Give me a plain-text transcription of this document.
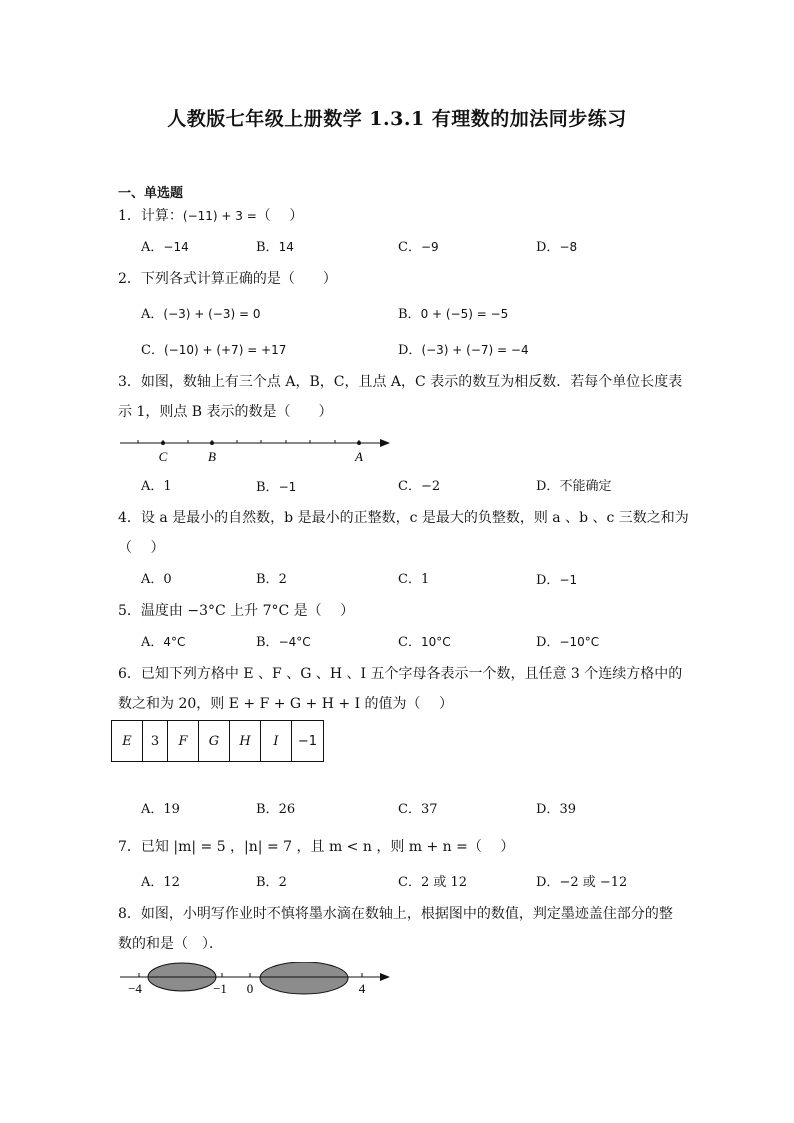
人教版七年级上册数学 1.3.1 有理数的加法同步练习
一、单选题
1．计算：(−11) + 3 =（　 ）
A．−14	B．14	C．−9	D．−8
2．下列各式计算正确的是（　　）
A．(−3) + (−3) = 0	B．0 + (−5) = −5
C．(−10) + (+7) = +17	D．(−3) + (−7) = −4
3．如图，数轴上有三个点 A，B，C，且点 A，C 表示的数互为相反数．若每个单位长度表
示 1，则点 B 表示的数是（　　）
C	B	A
A．1	B．−1	C．−2	D．不能确定
4．设 a 是最小的自然数，b 是最小的正整数，c 是最大的负整数，则 a 、b 、c 三数之和为
（　 ）
A．0	B．2	C．1	D．−1
5．温度由 −3°C 上升 7°C 是（　 ）
A．4°C	B．−4°C	C．10°C	D．−10°C
6．已知下列方格中 E 、F 、G 、H 、I 五个字母各表示一个数，且任意 3 个连续方格中的
数之和为 20，则 E + F + G + H + I 的值为（　 ）
E	3	F	G	H	I	−1
A．19	B．26	C．37	D．39
7．已知 |m| = 5 ，|n| = 7 ，且 m < n ，则 m + n =（　 ）
A．12	B．2	C．2 或 12	D．−2 或 −12
8．如图，小明写作业时不慎将墨水滴在数轴上，根据图中的数值，判定墨迹盖住部分的整
数的和是（　）．
−4	−1 0	4
